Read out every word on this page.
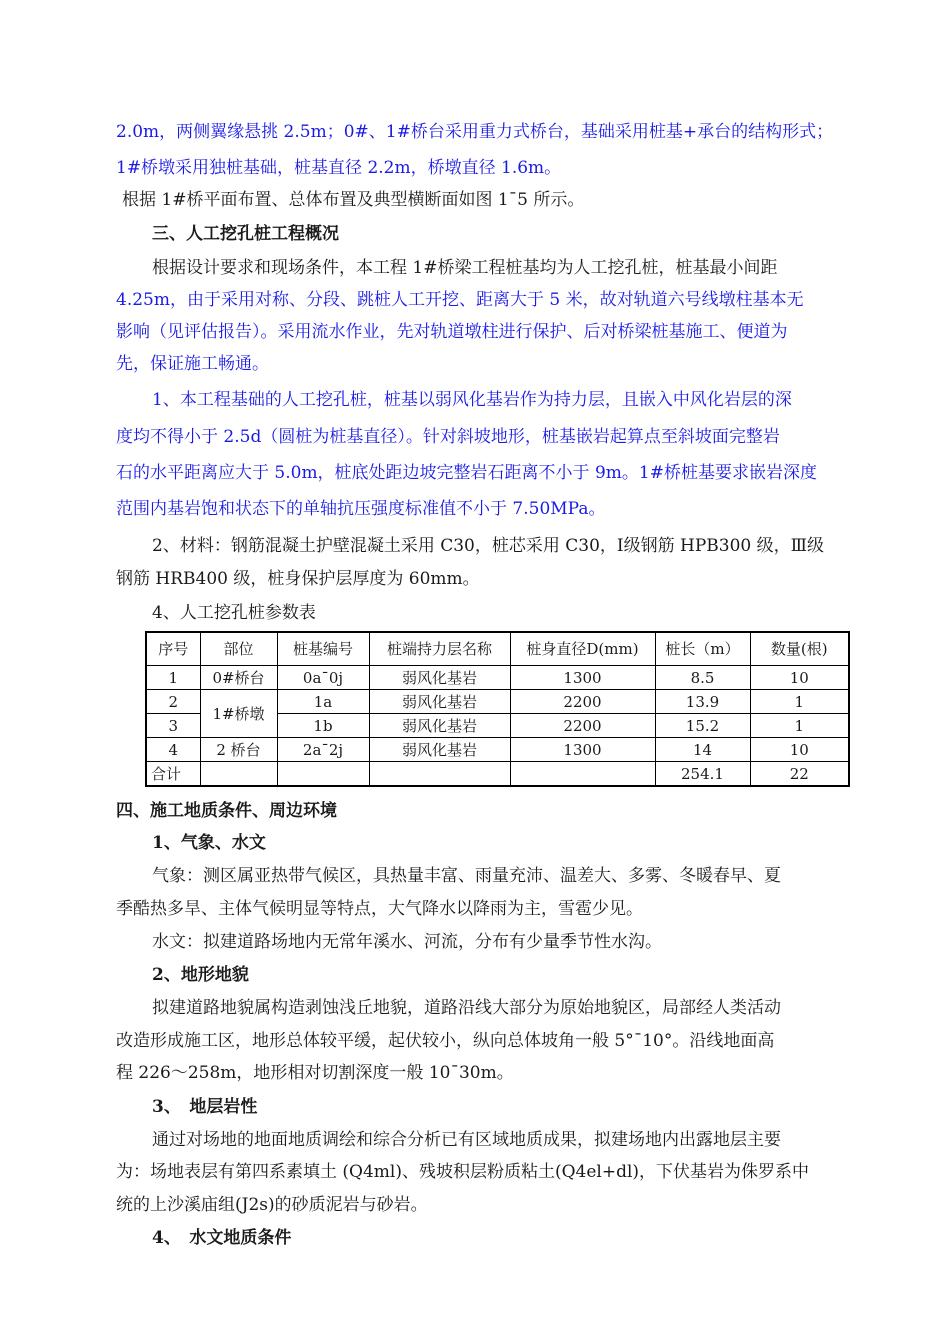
2.0m，两侧翼缘悬挑 2.5m；0#、1#桥台采用重力式桥台，基础采用桩基+承台的结构形式；
1#桥墩采用独桩基础，桩基直径 2.2m，桥墩直径 1.6m。
根据 1#桥平面布置、总体布置及典型横断面如图 1¯5 所示。
三、人工挖孔桩工程概况
根据设计要求和现场条件，本工程 1#桥梁工程桩基均为人工挖孔桩，桩基最小间距
4.25m，由于采用对称、分段、跳桩人工开挖、距离大于 5 米，故对轨道六号线墩柱基本无
影响（见评估报告）。采用流水作业，先对轨道墩柱进行保护、后对桥梁桩基施工、便道为
先，保证施工畅通。
1、本工程基础的人工挖孔桩，桩基以弱风化基岩作为持力层，且嵌入中风化岩层的深
度均不得小于 2.5d（圆桩为桩基直径）。针对斜坡地形，桩基嵌岩起算点至斜坡面完整岩
石的水平距离应大于 5.0m，桩底处距边坡完整岩石距离不小于 9m。1#桥桩基要求嵌岩深度
范围内基岩饱和状态下的单轴抗压强度标准值不小于 7.50MPa。
2、材料：钢筋混凝土护壁混凝土采用 C30，桩芯采用 C30，Ⅰ级钢筋 HPB300 级，Ⅲ级
钢筋 HRB400 级，桩身保护层厚度为 60mm。
4、人工挖孔桩参数表
序号	部位	桩基编号	桩端持力层名称	桩身直径D(mm)	桩长（m）	数量(根)
1	0#桥台	0a¯0j	弱风化基岩	1300	8.5	10
2	1#桥墩	1a	弱风化基岩	2200	13.9	1
3		1b	弱风化基岩	2200	15.2	1
4	2 桥台	2a¯2j	弱风化基岩	1300	14	10
合计					254.1	22
四、施工地质条件、周边环境
1、气象、水文
气象：测区属亚热带气候区，具热量丰富、雨量充沛、温差大、多雾、冬暖春早、夏
季酷热多旱、主体气候明显等特点，大气降水以降雨为主，雪雹少见。
水文：拟建道路场地内无常年溪水、河流，分布有少量季节性水沟。
2、地形地貌
拟建道路地貌属构造剥蚀浅丘地貌，道路沿线大部分为原始地貌区，局部经人类活动
改造形成施工区，地形总体较平缓，起伏较小，纵向总体坡角一般 5°¯10°。沿线地面高
程 226～258m，地形相对切割深度一般 10¯30m。
3、　地层岩性
通过对场地的地面地质调绘和综合分析已有区域地质成果，拟建场地内出露地层主要
为：场地表层有第四系素填土 (Q4ml)、残坡积层粉质粘土(Q4el+dl)，下伏基岩为侏罗系中
统的上沙溪庙组(J2s)的砂质泥岩与砂岩。
4、　水文地质条件
